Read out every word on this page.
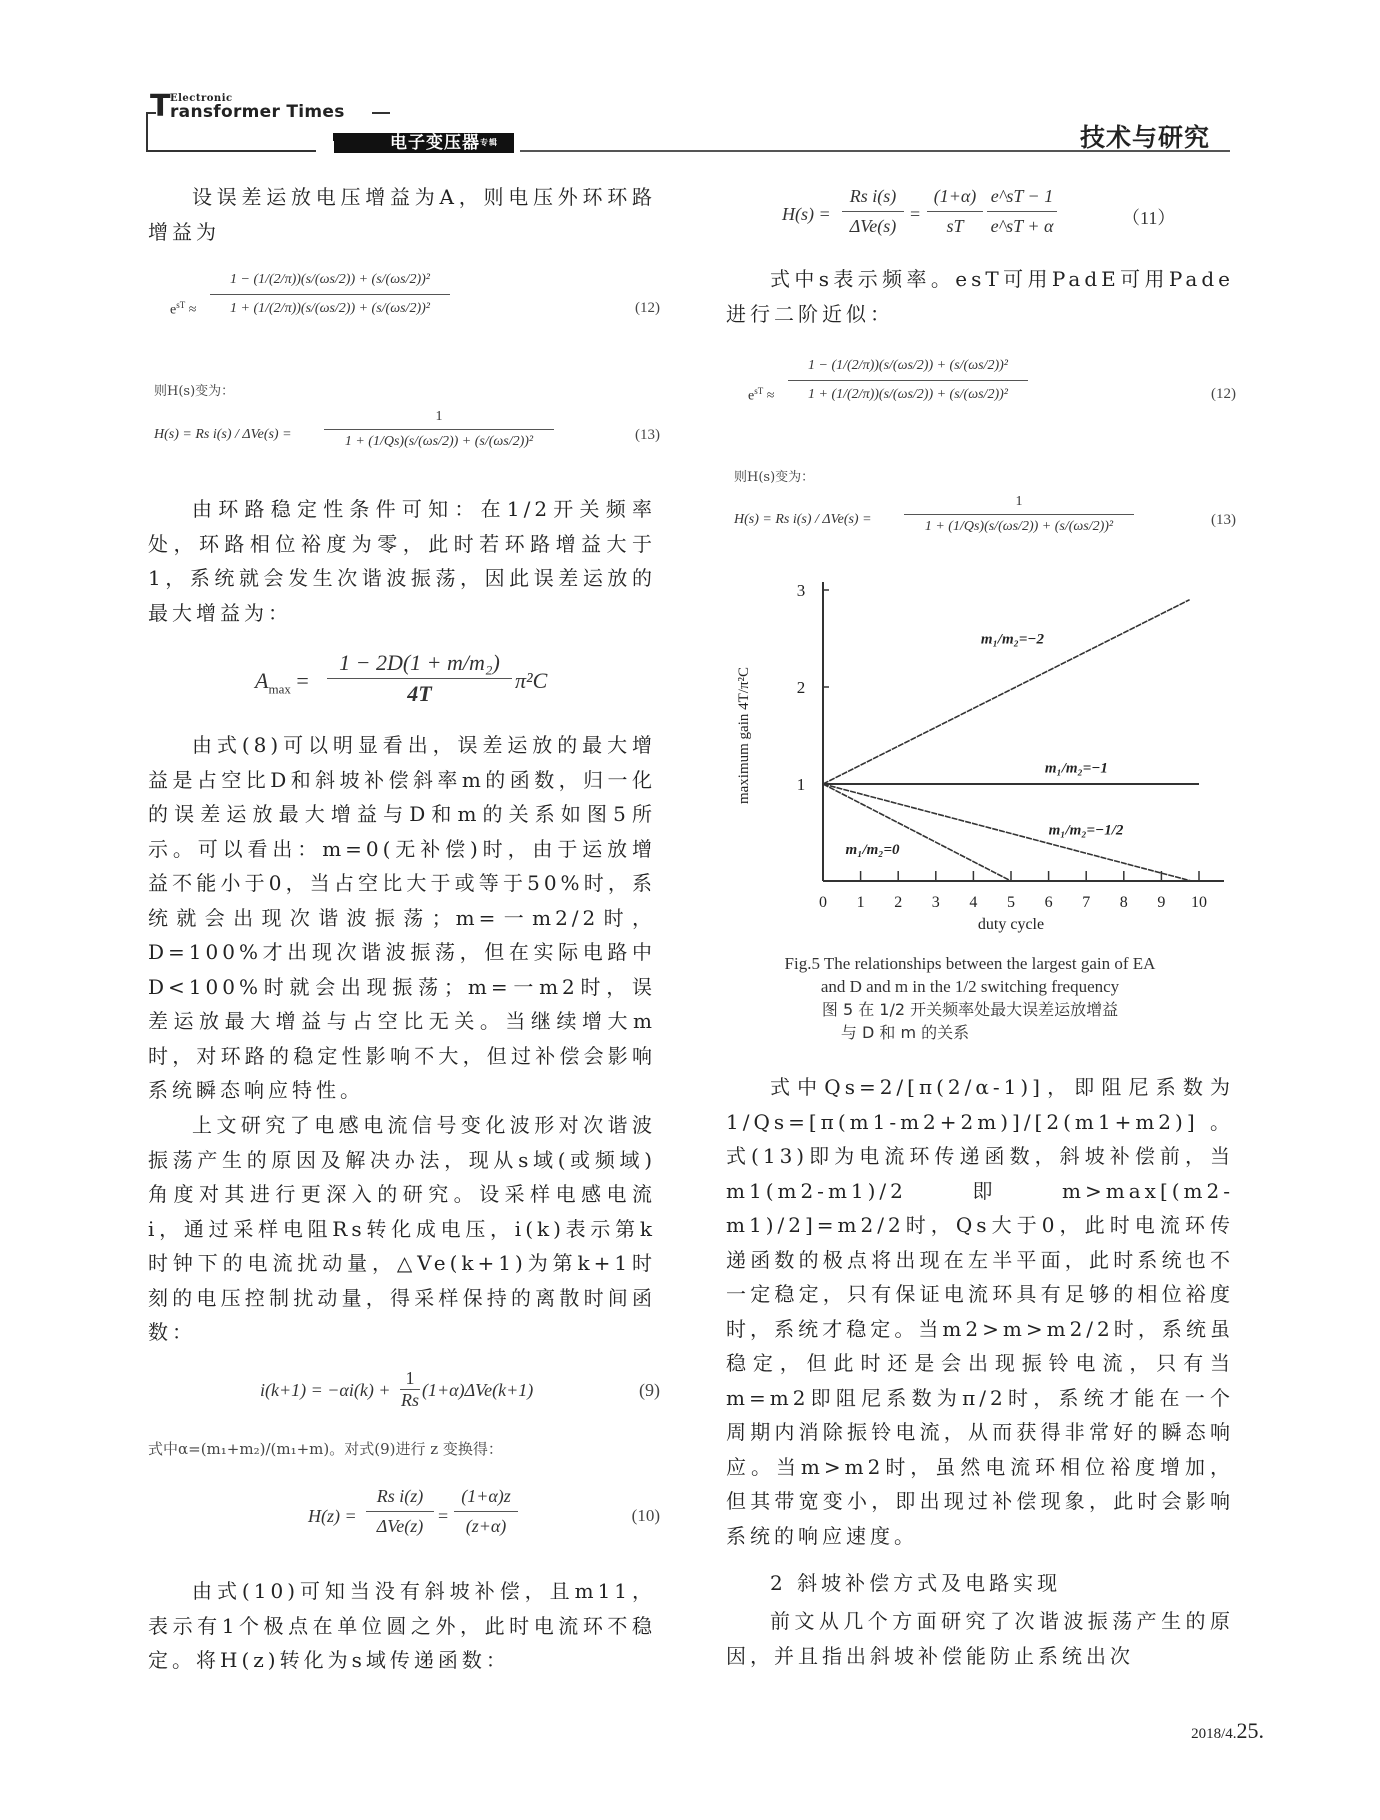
T Electronic
ransformer Times
电子变压器$^{专辑}$	技术与研究

设误差运放电压增益为A，则电压外环环路增益为

$e^{sT} \approx \frac{\text{1 − (1/(2/π))(s/(ωs/2)) + (s/(ωs/2))²}}{\text{1 + (1/(2/π))(s/(ωs/2)) + (s/(ωs/2))²}}$	(12)
则H(s)变为：
H(s) = Rs $i(s) / \Delta Ve(s) = \frac{1}{\text{1 + (1/Qs)(s/(ωs/2)) + (s/(ωs/2))²}}$	(13)

由环路稳定性条件可知：在1/2开关频率处，环路相位裕度为零，此时若环路增益大于1，系统就会发生次谐波振荡，因此误差运放的最大增益为：

$A_{max} = \frac{\text{1 − 2D(1 + m/m₂)}}{4T} \pi^2C$

由式(8)可以明显看出，误差运放的最大增益是占空比D和斜坡补偿斜率m的函数，归一化的误差运放最大增益与D和m的关系如图5所示。可以看出：m=0(无补偿)时，由于运放增益不能小于0，当占空比大于或等于50%时，系统就会出现次谐波振荡；m=一m2/2时，D=100%才出现次谐波振荡，但在实际电路中D<100%时就会出现振荡；m=一m2时，误差运放最大增益与占空比无关。当继续增大m时，对环路的稳定性影响不大，但过补偿会影响系统瞬态响应特性。

上文研究了电感电流信号变化波形对次谐波振荡产生的原因及解决办法，现从s域(或频域)角度对其进行更深入的研究。设采样电感电流i，通过采样电阻Rs转化成电压，i(k)表示第k时钟下的电流扰动量，△Ve(k+1)为第k+1时刻的电压控制扰动量，得采样保持的离散时间函数：

$i(k+1) = -\alpha i(k) + \frac{1}{Rs} (1+\alpha)\Delta Ve(k+1)$	(9)
式中α=(m₁+m₂)/(m₁+m)。对式(9)进行 z 变换得：
H(z) =
Rs i(z)
$\Delta Ve(z) = \frac{(1+\alpha)z}{(z+\alpha)}$	(10)

由式(10)可知当没有斜坡补偿，且m11，表示有1个极点在单位圆之外，此时电流环不稳定。将H(z)转化为s域传递函数：

H(s) =
Rs i(s)
ΔVe(s)
= $\frac{(1+\alpha)}{sT} \frac{e\^{}sT - 1}{e\^{}sT + \alpha}$	（11）

式中s表示频率。esT可用PadE可用Pade进行二阶近似：

$e^{sT} \approx \frac{\text{1 − (1/(2/π))(s/(ωs/2)) + (s/(ωs/2))²}}{\text{1 + (1/(2/π))(s/(ωs/2)) + (s/(ωs/2))²}}$	(12)
则H(s)变为：
H(s) = Rs $i(s) / \Delta Ve(s) = \frac{1}{\text{1 + (1/Qs)(s/(ωs/2)) + (s/(ωs/2))²}}$	(13)
0 1 2 3 4 5 6 7 8 9 10
1
2
3
duty cycle
maximum gain 4T/π²C
m₁/m₂=−2
m₁/m₂=−1
m₁/m₂=−1/2
m₁/m₂=0
Fig.5 The relationships between the largest gain of EA
and D and m in the 1/2 switching frequency
图 5 在 1/2 开关频率处最大误差运放增益
与 D 和 m 的关系

式中Qs=2/[π(2/α-1)]，即阻尼系数为1/Qs=[π(m1-m2+2m)]/[2(m1+m2)]。式(13)即为电流环传递函数，斜坡补偿前，当m1(m2-m1)/2即m>max[(m2-m1)/2]=m2/2时，Qs大于0，此时电流环传递函数的极点将出现在左半平面，此时系统也不一定稳定，只有保证电流环具有足够的相位裕度时，系统才稳定。当m2>m>m2/2时，系统虽稳定，但此时还是会出现振铃电流，只有当m=m2即阻尼系数为π/2时，系统才能在一个周期内消除振铃电流，从而获得非常好的瞬态响应。当m>m2时，虽然电流环相位裕度增加，但其带宽变小，即出现过补偿现象，此时会影响系统的响应速度。

2 斜坡补偿方式及电路实现

前文从几个方面研究了次谐波振荡产生的原因，并且指出斜坡补偿能防止系统出次

2018/4.25.
